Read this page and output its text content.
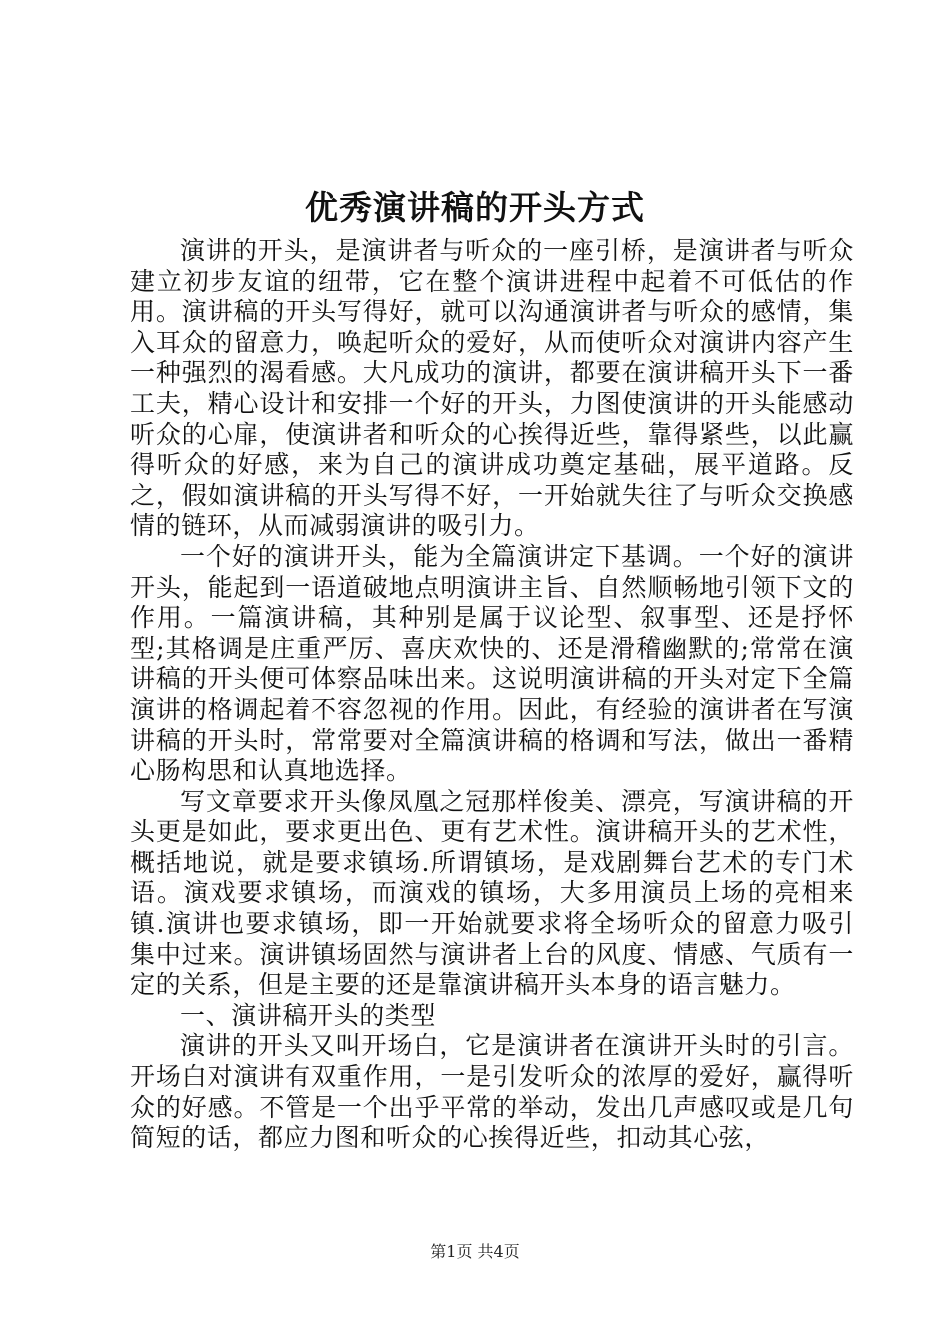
优秀演讲稿的开头方式

演讲的开头，是演讲者与听众的一座引桥，是演讲者与听众建立初步友谊的纽带，它在整个演讲进程中起着不可低估的作用。演讲稿的开头写得好，就可以沟通演讲者与听众的感情，集入耳众的留意力，唤起听众的爱好，从而使听众对演讲内容产生一种强烈的渴看感。大凡成功的演讲，都要在演讲稿开头下一番工夫，精心设计和安排一个好的开头，力图使演讲的开头能感动听众的心扉，使演讲者和听众的心挨得近些，靠得紧些，以此赢得听众的好感，来为自己的演讲成功奠定基础，展平道路。反之，假如演讲稿的开头写得不好，一开始就失往了与听众交换感情的链环，从而减弱演讲的吸引力。

一个好的演讲开头，能为全篇演讲定下基调。一个好的演讲开头，能起到一语道破地点明演讲主旨、自然顺畅地引领下文的作用。一篇演讲稿，其种别是属于议论型、叙事型、还是抒怀型;其格调是庄重严厉、喜庆欢快的、还是滑稽幽默的;常常在演讲稿的开头便可体察品味出来。这说明演讲稿的开头对定下全篇演讲的格调起着不容忽视的作用。因此，有经验的演讲者在写演讲稿的开头时，常常要对全篇演讲稿的格调和写法，做出一番精心肠构思和认真地选择。

写文章要求开头像凤凰之冠那样俊美、漂亮，写演讲稿的开头更是如此，要求更出色、更有艺术性。演讲稿开头的艺术性，概括地说，就是要求镇场.所谓镇场，是戏剧舞台艺术的专门术语。演戏要求镇场，而演戏的镇场，大多用演员上场的亮相来镇.演讲也要求镇场，即一开始就要求将全场听众的留意力吸引集中过来。演讲镇场固然与演讲者上台的风度、情感、气质有一定的关系，但是主要的还是靠演讲稿开头本身的语言魅力。

一、演讲稿开头的类型

演讲的开头又叫开场白，它是演讲者在演讲开头时的引言。开场白对演讲有双重作用，一是引发听众的浓厚的爱好，赢得听众的好感。不管是一个出乎平常的举动，发出几声感叹或是几句简短的话，都应力图和听众的心挨得近些，扣动其心弦，

第1页 共4页
